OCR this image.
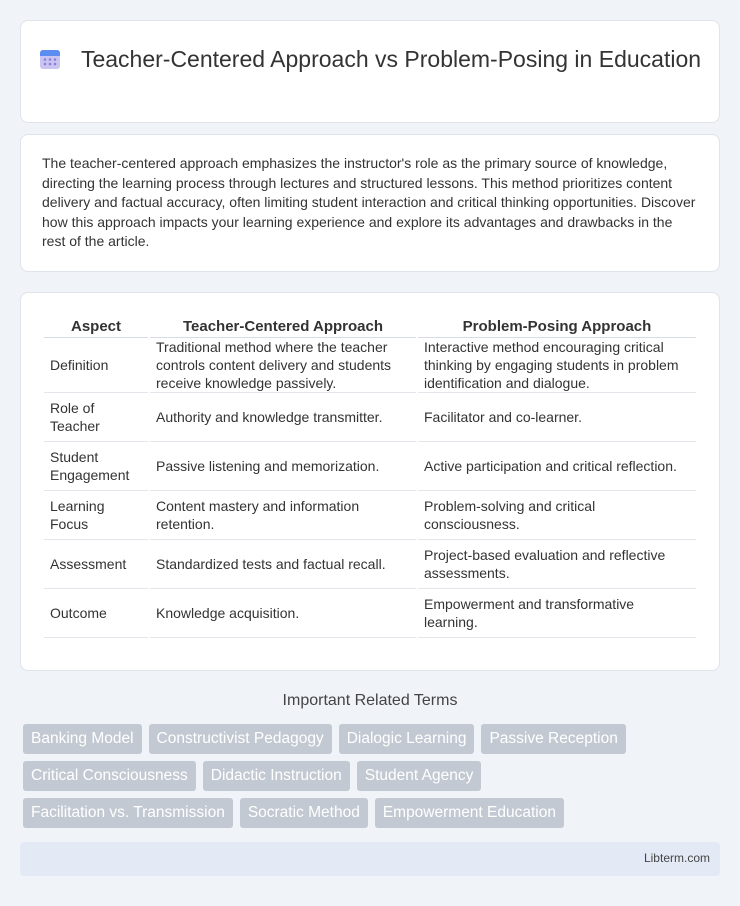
Teacher-Centered Approach vs Problem-Posing in Education

The teacher-centered approach emphasizes the instructor's role as the primary source of knowledge, directing the learning process through lectures and structured lessons. This method prioritizes content delivery and factual accuracy, often limiting student interaction and critical thinking opportunities. Discover how this approach impacts your learning experience and explore its advantages and drawbacks in the rest of the article.

Aspect	Teacher-Centered Approach	Problem-Posing Approach
Definition	Traditional method where the teacher controls content delivery and students receive knowledge passively.	Interactive method encouraging critical thinking by engaging students in problem identification and dialogue.
Role of Teacher	Authority and knowledge transmitter.	Facilitator and co-learner.
Student Engagement	Passive listening and memorization.	Active participation and critical reflection.
Learning Focus	Content mastery and information retention.	Problem-solving and critical consciousness.
Assessment	Standardized tests and factual recall.	Project-based evaluation and reflective assessments.
Outcome	Knowledge acquisition.	Empowerment and transformative learning.
Important Related Terms
Banking Model	Constructivist Pedagogy	Dialogic Learning	Passive Reception
Critical Consciousness	Didactic Instruction	Student Agency
Facilitation vs. Transmission	Socratic Method	Empowerment Education
Libterm.com
